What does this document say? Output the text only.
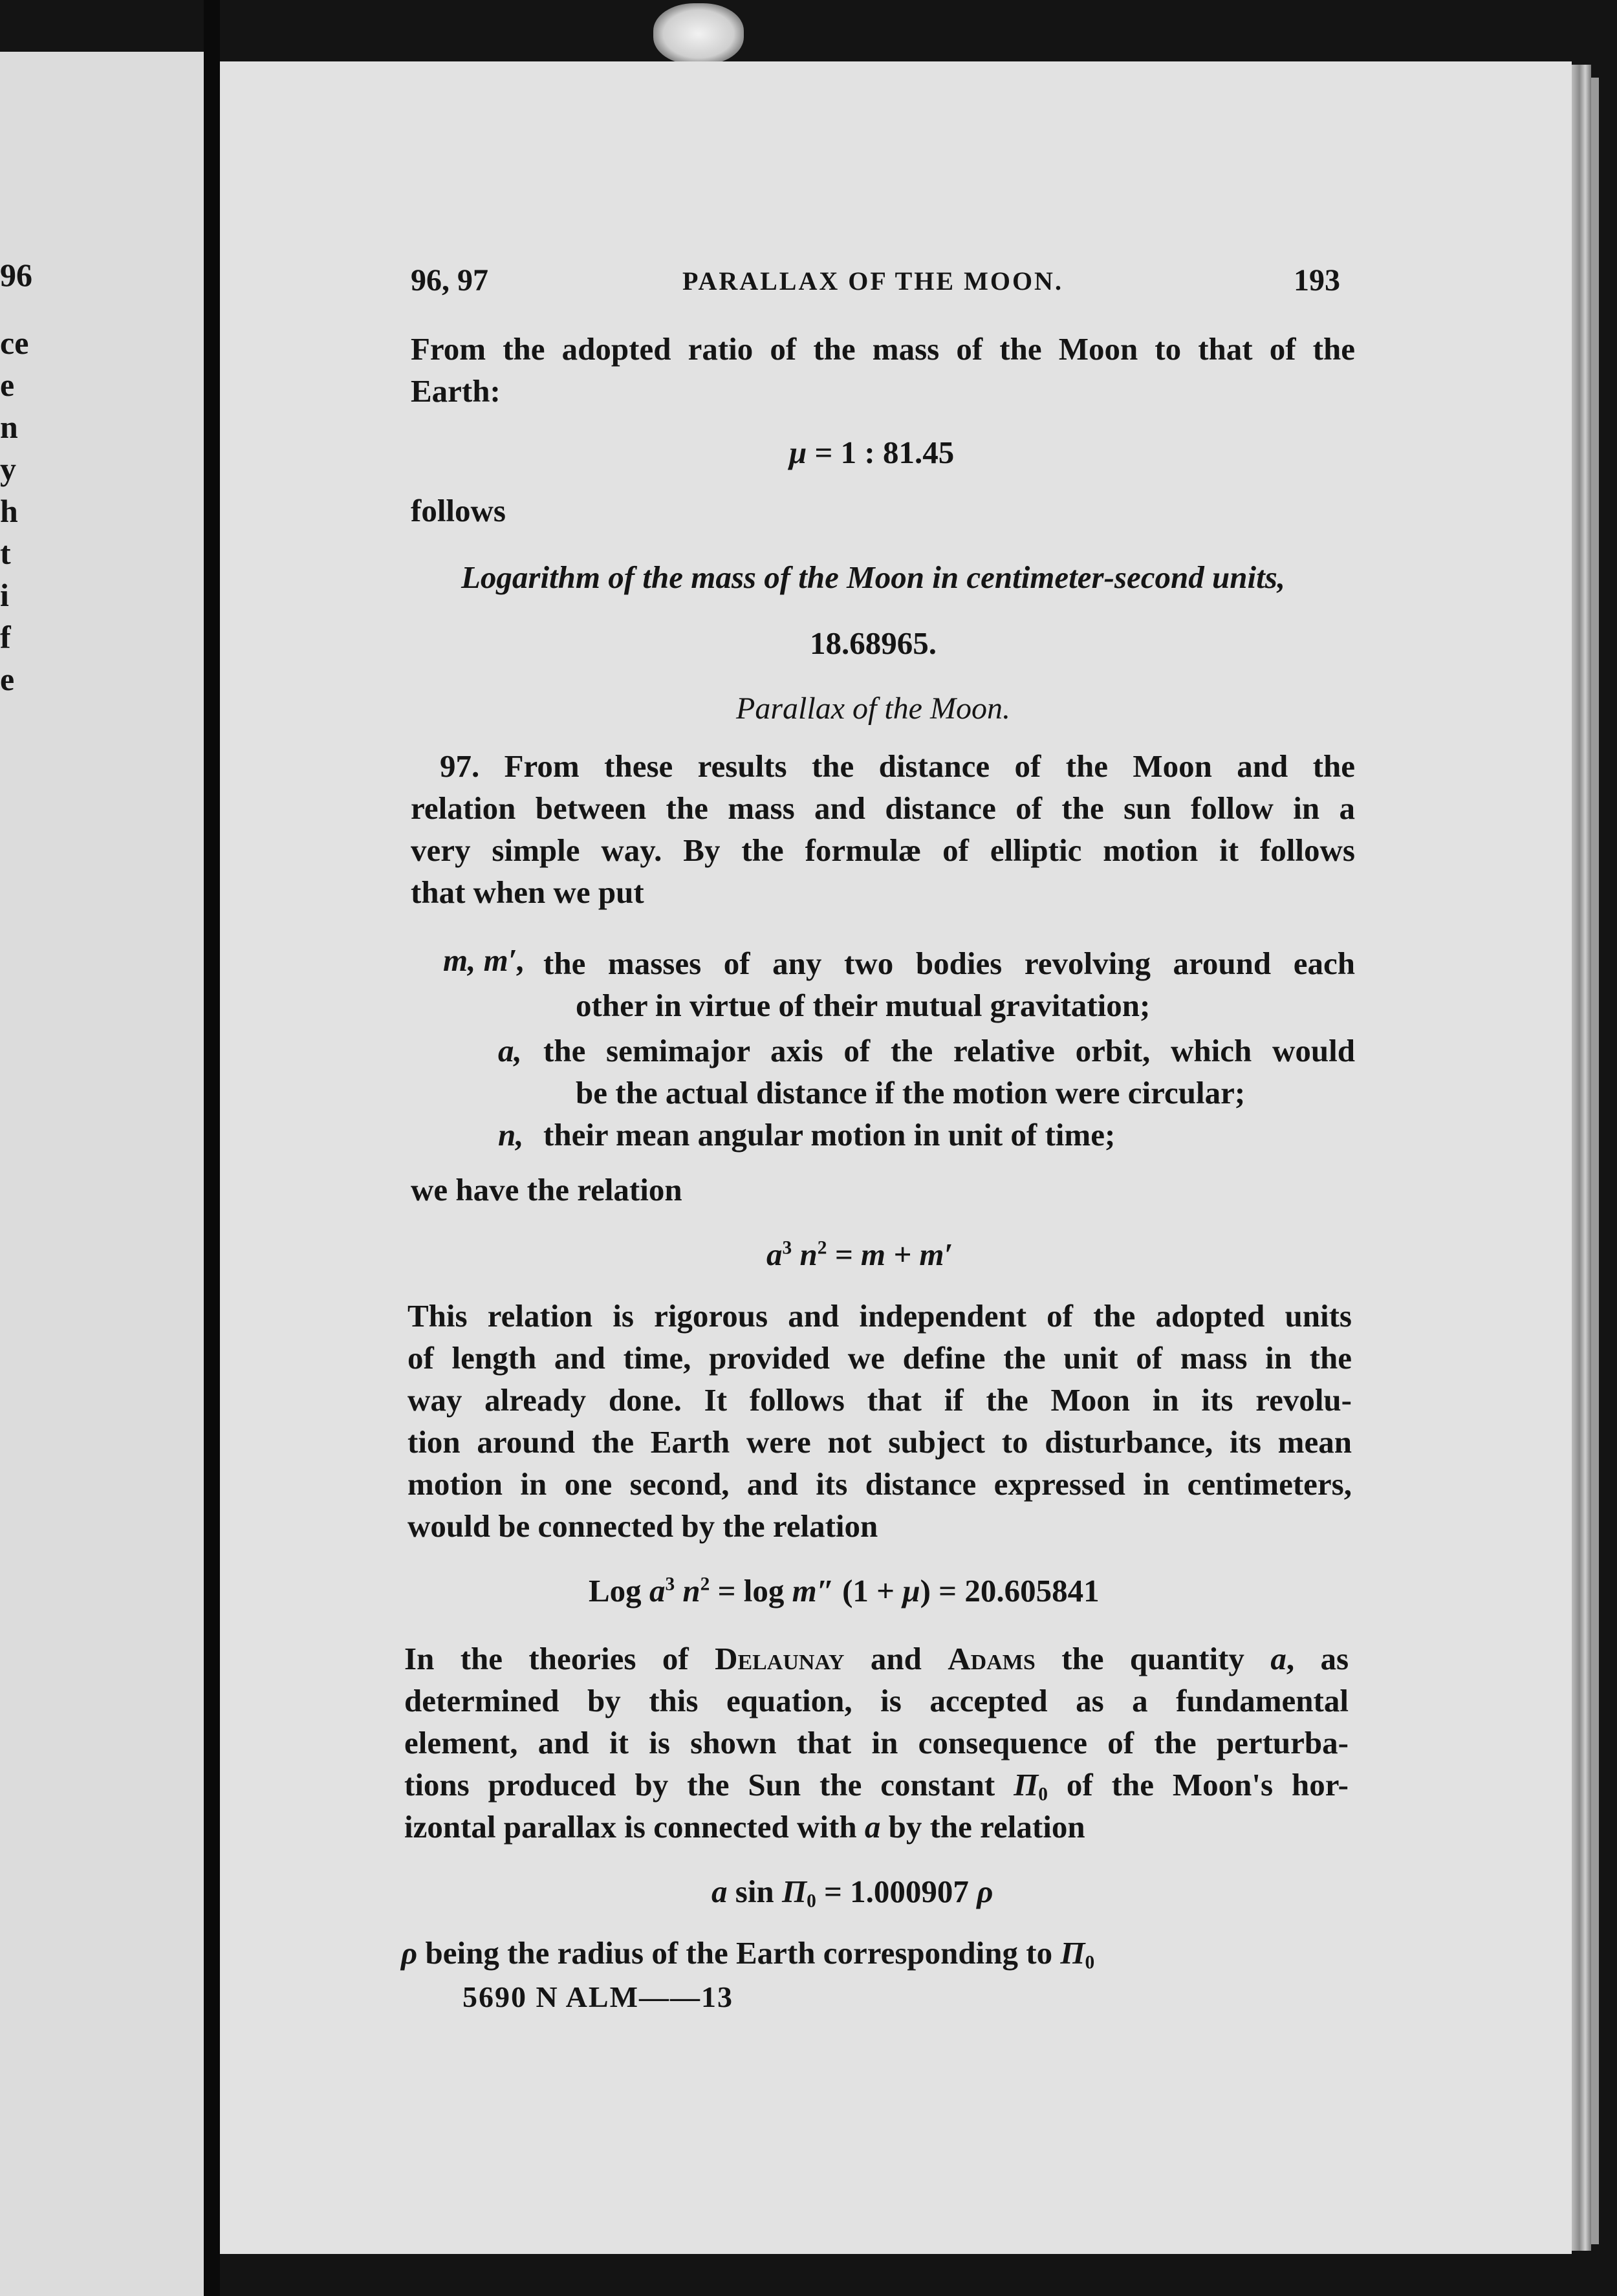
96
ce
e
n
y
h
t
i
f
e
96, 97	PARALLAX OF THE MOON.	193
From the adopted ratio of the mass of the Moon to that of the
Earth:
μ = 1 : 81.45
follows
Logarithm of the mass of the Moon in centimeter-second units,
18.68965.
Parallax of the Moon.
97. From these results the distance of the Moon and the
relation between the mass and distance of the sun follow in a
very simple way. By the formulæ of elliptic motion it follows
that when we put
m, m′, the masses of any two bodies revolving around each
other in virtue of their mutual gravitation;
a, the semimajor axis of the relative orbit, which would
be the actual distance if the motion were circular;
n, their mean angular motion in unit of time;
we have the relation
$a^3$ $n^2 = m + m'$
This relation is rigorous and independent of the adopted units
of length and time, provided we define the unit of mass in the
way already done. It follows that if the Moon in its revolu-
tion around the Earth were not subject to disturbance, its mean
motion in one second, and its distance expressed in centimeters,
would be connected by the relation
Log $a^3$ $n^2 = \log m''$ (1 + μ) = 20.605841
In the theories of Delaunay and Adams the quantity a, as
determined by this equation, is accepted as a fundamental
element, and it is shown that in consequence of the perturba-
tions produced by the Sun the constant $\Pi_0$ of the Moon's hor-
izontal parallax is connected with a by the relation
a $\sin \Pi_0 = 1.000907$ ρ
ρ being the radius of the Earth corresponding to $\Pi_0$
5690 N ALM——13
